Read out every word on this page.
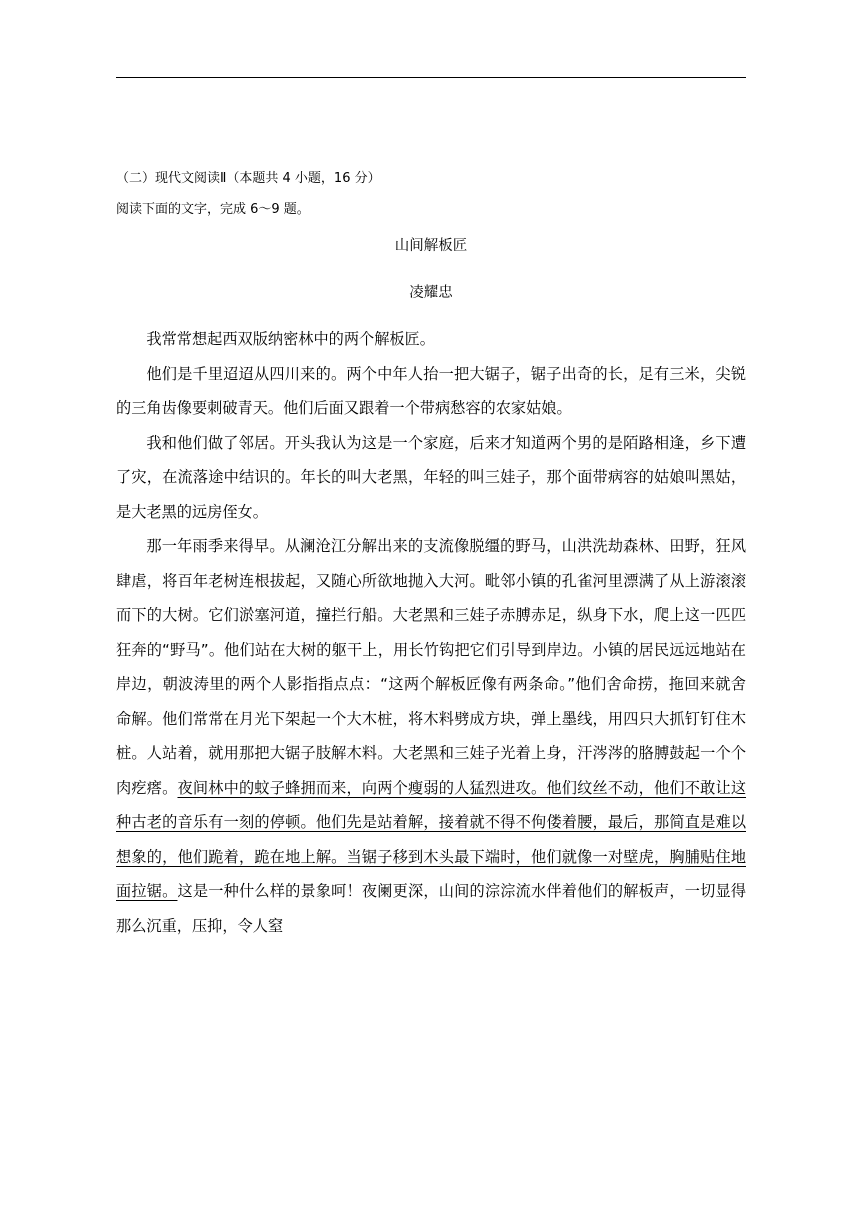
（二）现代文阅读Ⅱ（本题共 4 小题，16 分）
阅读下面的文字，完成 6～9 题。
山间解板匠
凌耀忠

我常常想起西双版纳密林中的两个解板匠。

他们是千里迢迢从四川来的。两个中年人抬一把大锯子，锯子出奇的长，足有三米，尖锐的三角齿像要刺破青天。他们后面又跟着一个带病愁容的农家姑娘。

我和他们做了邻居。开头我认为这是一个家庭，后来才知道两个男的是陌路相逢，乡下遭了灾，在流落途中结识的。年长的叫大老黑，年轻的叫三娃子，那个面带病容的姑娘叫黑姑，是大老黑的远房侄女。

那一年雨季来得早。从澜沧江分解出来的支流像脱缰的野马，山洪洗劫森林、田野，狂风肆虐，将百年老树连根拔起，又随心所欲地抛入大河。毗邻小镇的孔雀河里漂满了从上游滚滚而下的大树。它们淤塞河道，撞拦行船。大老黑和三娃子赤膊赤足，纵身下水，爬上这一匹匹狂奔的“野马”。他们站在大树的躯干上，用长竹钩把它们引导到岸边。小镇的居民远远地站在岸边，朝波涛里的两个人影指指点点：“这两个解板匠像有两条命。”他们舍命捞，拖回来就舍命解。他们常常在月光下架起一个大木桩，将木料劈成方块，弹上墨线，用四只大抓钉钉住木桩。人站着，就用那把大锯子肢解木料。大老黑和三娃子光着上身，汗涔涔的胳膊鼓起一个个肉疙瘩。夜间林中的蚊子蜂拥而来，向两个瘦弱的人猛烈进攻。他们纹丝不动，他们不敢让这种古老的音乐有一刻的停顿。他们先是站着解，接着就不得不佝偻着腰，最后，那简直是难以想象的，他们跪着，跪在地上解。当锯子移到木头最下端时，他们就像一对壁虎，胸脯贴住地面拉锯。这是一种什么样的景象呵！夜阑更深，山间的淙淙流水伴着他们的解板声，一切显得那么沉重，压抑，令人窒
